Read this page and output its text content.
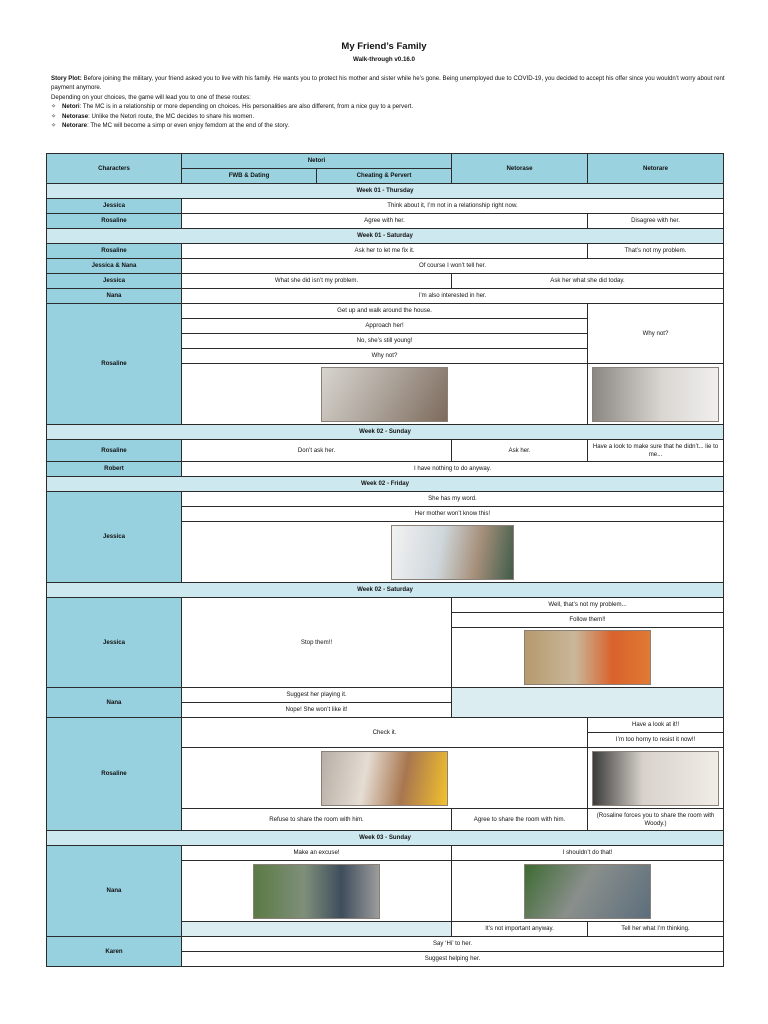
My Friend’s Family
Walk-through v0.16.0
Story Plot: Before joining the military, your friend asked you to live with his family. He wants you to protect his mother and sister while he’s gone. Being unemployed due to COVID-19, you decided to accept his offer since you wouldn’t worry about rent payment anymore.
Depending on your choices, the game will lead you to one of these routes:
✧ Netori: The MC is in a relationship or more depending on choices. His personalities are also different, from a nice guy to a pervert.
✧ Netorase: Unlike the Netori route, the MC decides to share his women.
✧ Netorare: The MC will become a simp or even enjoy femdom at the end of the story.
Characters	Netori		Netorase	Netorare
	FWB & Dating	Cheating & Pervert		
Week 01 - Thursday				
Jessica	Think about it, I’m not in a relationship right now.			
Rosaline	Agree with her.			Disagree with her.
Week 01 - Saturday				
Rosaline	Ask her to let me fix it.			That’s not my problem.
Jessica & Nana	Of course I won’t tell her.			
Jessica	What she did isn’t my problem.		Ask her what she did today.	
Nana	I’m also interested in her.			
Rosaline	Get up and walk around the house.			Why not?
	Approach her!			
	No, she’s still young!			
	Why not?			

Week 02 - Sunday				
Rosaline	Don’t ask her.		Ask her.	Have a look to make sure that he didn’t... lie to me...
Robert	I have nothing to do anyway.			
Week 02 - Friday				
Jessica	She has my word.			
	Her mother won’t know this!			

Week 02 - Saturday				
Jessica	Stop them!!		Well, that’s not my problem...	
			Follow them!!	

Nana	Suggest her playing it.			
	Nope! She won’t like it!			
Rosaline	Check it.			Have a look at it!!
				I’m too horny to resist it now!!

	Refuse to share the room with him.		Agree to share the room with him.	(Rosaline forces you to share the room with Woody.)
Week 03 - Sunday				
Nana	Make an excuse!		I shouldn’t do that!	

			It’s not important anyway.	Tell her what I’m thinking.
Karen	Say ‘Hi’ to her.			
	Suggest helping her.			
